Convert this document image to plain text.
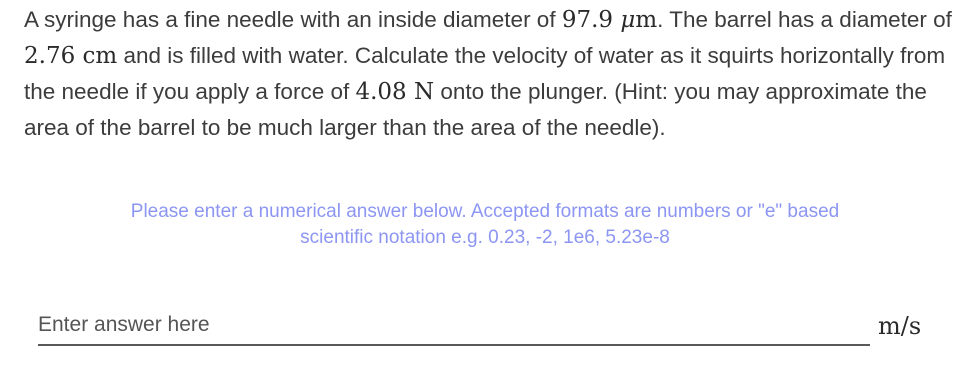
A syringe has a fine needle with an inside diameter of 97.9 μm. The barrel has a diameter of 2.76 cm and is filled with water. Calculate the velocity of water as it squirts horizontally from the needle if you apply a force of 4.08 N onto the plunger. (Hint: you may approximate the area of the barrel to be much larger than the area of the needle).

Please enter a numerical answer below. Accepted formats are numbers or "e" based
scientific notation e.g. 0.23, -2, 1e6, 5.23e-8
Enter answer here
m/s
